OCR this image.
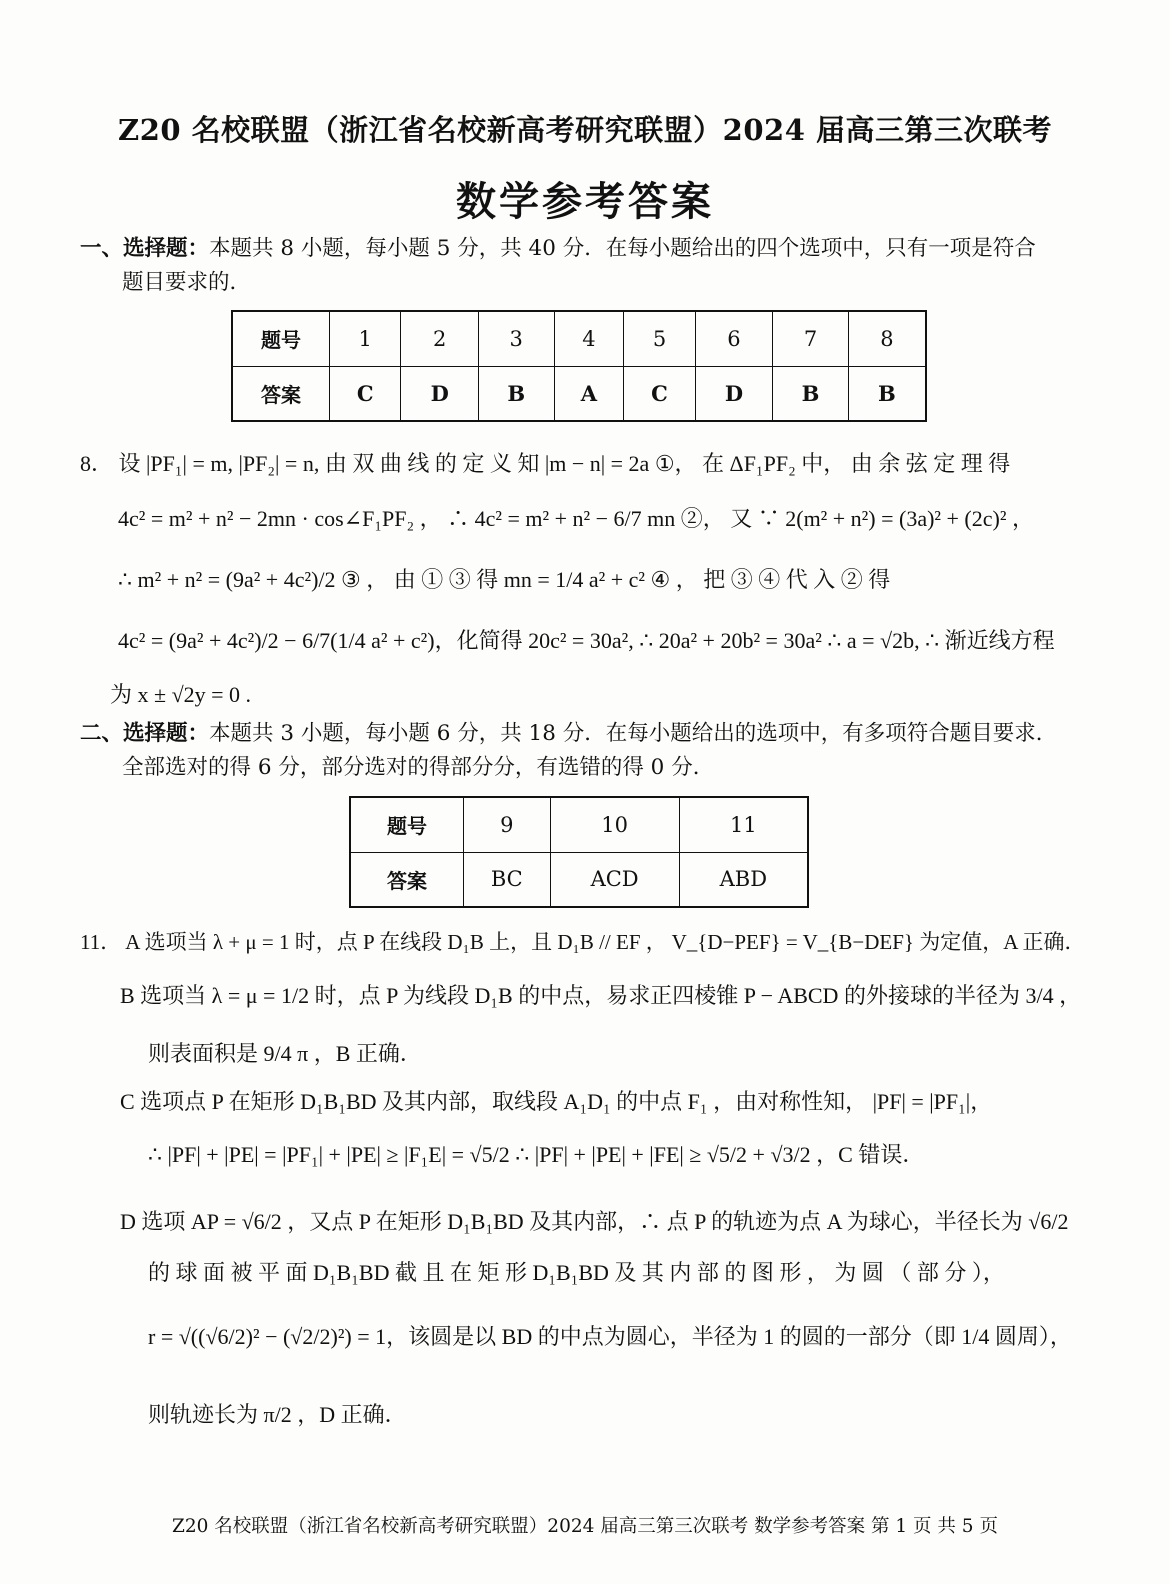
Z20 名校联盟（浙江省名校新高考研究联盟）2024 届高三第三次联考
数学参考答案
一、选择题：本题共 8 小题，每小题 5 分，共 40 分．在每小题给出的四个选项中，只有一项是符合
题目要求的．
题号	1	2	3	4	5	6	7	8
答案	C	D	B	A	C	D	B	B
8． 设 |PF₁| = m, |PF₂| = n, 由 双 曲 线 的 定 义 知 |m − n| = 2a ①， 在 ΔF₁PF₂ 中， 由 余 弦 定 理 得
4c² = m² + n² − 2mn · cos∠F₁PF₂ ， ∴ 4c² = m² + n² − 6/7 mn ②， 又 ∵ 2(m² + n²) = (3a)² + (2c)² ，
∴ m² + n² = (9a² + 4c²)/2 ③ ， 由 ① ③ 得 mn = 1/4 a² + c² ④ ， 把 ③ ④ 代 入 ② 得
4c² = (9a² + 4c²)/2 − 6/7(1/4 a² + c²)，化简得 20c² = 30a², ∴ 20a² + 20b² = 30a² ∴ a = √2b, ∴ 渐近线方程
为 x ± √2y = 0 .
二、选择题：本题共 3 小题，每小题 6 分，共 18 分．在每小题给出的选项中，有多项符合题目要求．
全部选对的得 6 分，部分选对的得部分分，有选错的得 0 分．
题号	9	10	11
答案	BC	ACD	ABD
11． A 选项当 λ + μ = 1 时，点 P 在线段 D₁B 上，且 D₁B // EF ， V_{D−PEF} = V_{B−DEF} 为定值，A 正确．
B 选项当 λ = μ = 1/2 时，点 P 为线段 D₁B 的中点，易求正四棱锥 P − ABCD 的外接球的半径为 3/4 ，
则表面积是 9/4 π ，B 正确．
C 选项点 P 在矩形 D₁B₁BD 及其内部，取线段 A₁D₁ 的中点 F₁ ，由对称性知， |PF| = |PF₁|，
∴ |PF| + |PE| = |PF₁| + |PE| ≥ |F₁E| = √5/2 ∴ |PF| + |PE| + |FE| ≥ √5/2 + √3/2 ，C 错误．
D 选项 AP = √6/2 ，又点 P 在矩形 D₁B₁BD 及其内部，∴ 点 P 的轨迹为点 A 为球心，半径长为 √6/2
的 球 面 被 平 面 D₁B₁BD 截 且 在 矩 形 D₁B₁BD 及 其 内 部 的 图 形 ， 为 圆 （ 部 分 ），
r = √((√6/2)² − (√2/2)²) = 1，该圆是以 BD 的中点为圆心，半径为 1 的圆的一部分（即 1/4 圆周），
则轨迹长为 π/2 ，D 正确．
Z20 名校联盟（浙江省名校新高考研究联盟）2024 届高三第三次联考 数学参考答案 第 1 页 共 5 页
